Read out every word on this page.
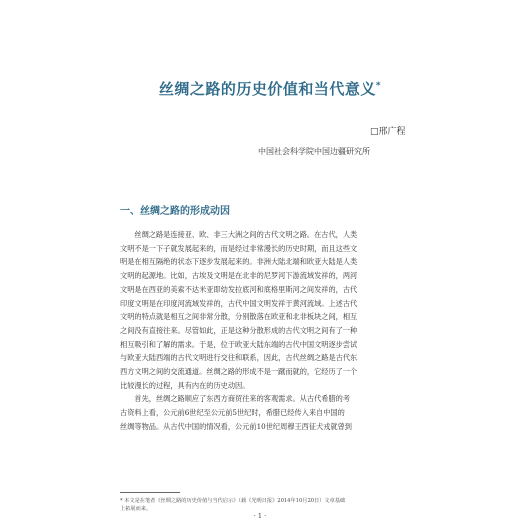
丝绸之路的历史价值和当代意义*
□邢广程
中国社会科学院中国边疆研究所
一、丝绸之路的形成动因
　　丝绸之路是连接亚、欧、非三大洲之间的古代文明之路。在古代，人类
文明不是一下子就发展起来的，而是经过非常漫长的历史时期，而且这些文
明是在相互隔绝的状态下逐步发展起来的。非洲大陆北端和欧亚大陆是人类
文明的起源地。比如，古埃及文明是在北非的尼罗河下游流域发祥的，两河
文明是在西亚的美索不达米亚即幼发拉底河和底格里斯河之间发祥的，古代
印度文明是在印度河流域发祥的，古代中国文明发祥于黄河流域。上述古代
文明的特点就是相互之间非常分散，分别散落在欧亚和北非板块之间，相互
之间没有直接往来。尽管如此，正是这种分散形成的古代文明之间有了一种
相互吸引和了解的需求。于是，位于欧亚大陆东端的古代中国文明逐步尝试
与欧亚大陆西端的古代文明进行交往和联系，因此，古代丝绸之路是古代东
西方文明之间的交流通道。丝绸之路的形成不是一蹴而就的，它经历了一个
比较漫长的过程，具有内在的历史动因。
　　首先，丝绸之路顺应了东西方商贸往来的客观需求。从古代希腊的考
古资料上看，公元前6世纪至公元前5世纪时，希腊已经传入来自中国的
丝绸等物品。从古代中国的情况看，公元前10世纪周穆王西征犬戎就曾到
* 本文是在笔者《丝绸之路的历史价值与当代启示》（载《光明日报》2014年10月20日）文章基础
上拓展而来。
· 1 ·
